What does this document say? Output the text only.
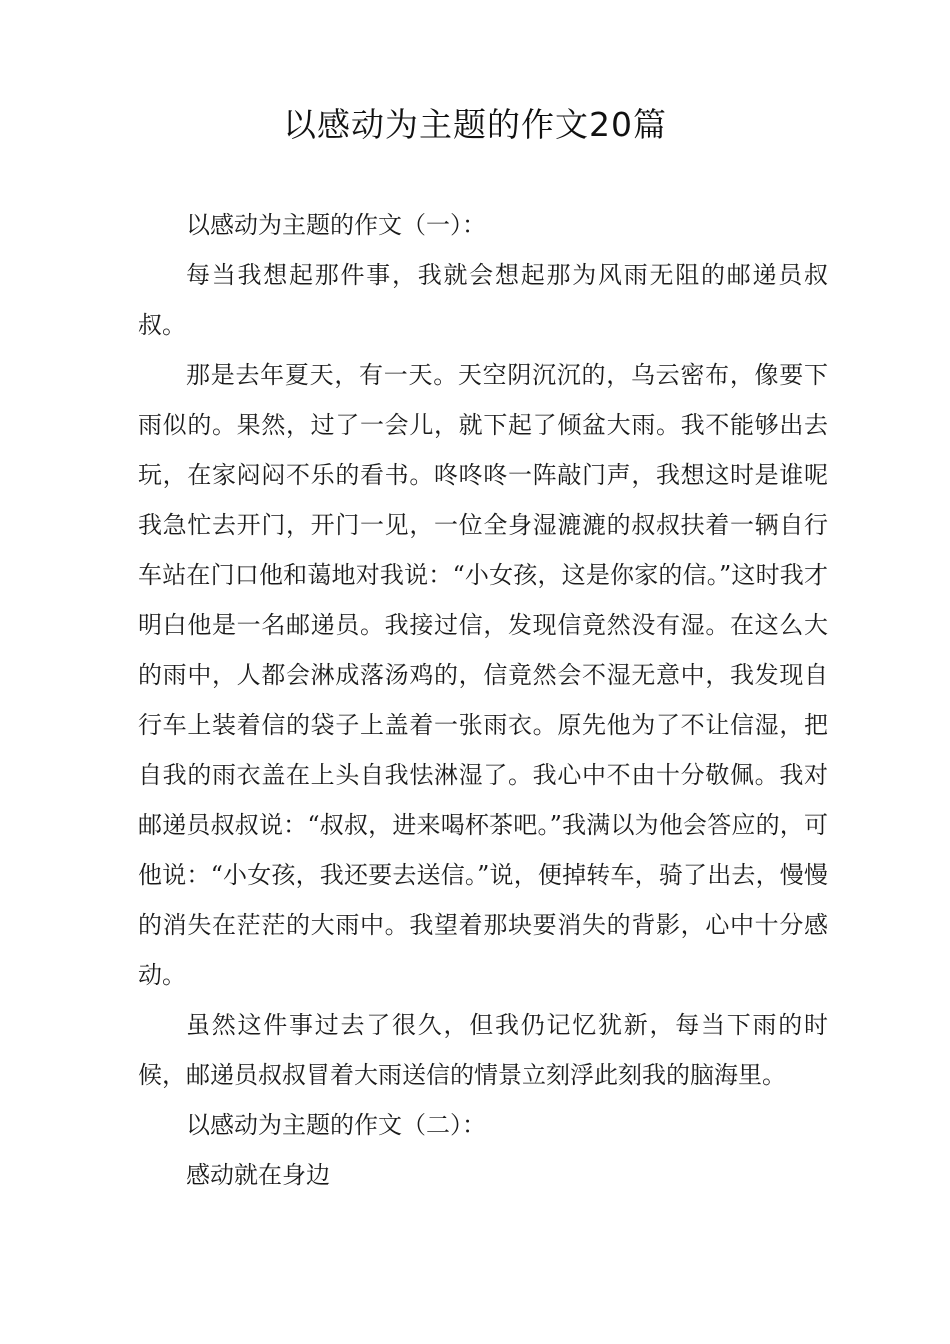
以感动为主题的作文20篇

以感动为主题的作文（一）：

每当我想起那件事，我就会想起那为风雨无阻的邮递员叔叔。

那是去年夏天，有一天。天空阴沉沉的，乌云密布，像要下雨似的。果然，过了一会儿，就下起了倾盆大雨。我不能够出去玩，在家闷闷不乐的看书。咚咚咚一阵敲门声，我想这时是谁呢我急忙去开门，开门一见，一位全身湿漉漉的叔叔扶着一辆自行车站在门口他和蔼地对我说：“小女孩，这是你家的信。”这时我才明白他是一名邮递员。我接过信，发现信竟然没有湿。在这么大的雨中，人都会淋成落汤鸡的，信竟然会不湿无意中，我发现自行车上装着信的袋子上盖着一张雨衣。原先他为了不让信湿，把自我的雨衣盖在上头自我怯淋湿了。我心中不由十分敬佩。我对邮递员叔叔说：“叔叔，进来喝杯茶吧。”我满以为他会答应的，可他说：“小女孩，我还要去送信。”说，便掉转车，骑了出去，慢慢的消失在茫茫的大雨中。我望着那块要消失的背影，心中十分感动。

虽然这件事过去了很久，但我仍记忆犹新，每当下雨的时候，邮递员叔叔冒着大雨送信的情景立刻浮此刻我的脑海里。

以感动为主题的作文（二）：

感动就在身边
